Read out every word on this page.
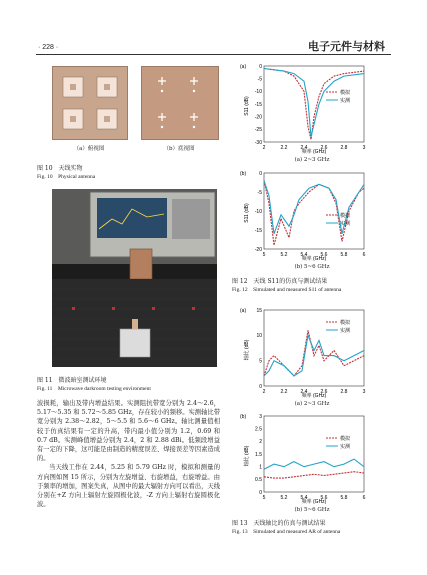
· 228 ·	电子元件与材料
（a）俯视图	（b）底视图
图 10　天线实物
Fig. 10　Physical antenna
图 11　微波暗室测试环境
Fig. 11　Microwave darkroom testing environment

波损耗，输出及带内增益结果。实测阻抗带宽分别为 2.4～2.6，5.17～5.35 和 5.72～5.85 GHz，存在较小的频移。实测轴比带宽分别为 2.38～2.82，5～5.5 和 5.6～6 GHz。轴比测量值相较于仿真结果有一定的升高，带内最小值分别为 1.2，0.69 和 0.7 dB。实测峰值增益分别为 2.4，2 和 2.88 dBi。低频段增益有一定的下降，这可能是由制造的精度误差、焊接误差等因素造成的。

当天线工作在 2.44，5.25 和 5.79 GHz 时，模拟和测量的方向图如图 15 所示，分别为左旋增益、右旋增益，右旋增益。由于频率的增加，图案失真，从图中的最大辐射方向可以看出，天线分别在+Z 方向上辐射左旋圆极化波，-Z 方向上辐射右旋圆极化波。

(a)	0
-5
-10
-15
-20
-25
-30
2	2.2	2.4	2.6	2.8	3
S11 (dB)
频率 (GHz)
模拟
实测
(a) 2~3 GHz
(b)	0
-5
-10
-15
-20
5	5.2	5.4	5.6	5.8	6
S11 (dB)
频率 (GHz)
模拟
实测
(b) 5~6 GHz
图 12　天线 S11的仿真与测试结果
Fig. 12　Simulated and measured S11 of antenna
(a) 15
10
5
0
2	2.2	2.4	2.6	2.8	3
轴比 (dB)
频率 (GHz)
模拟
实测
(a) 2~3 GHz
(b)	3
2.5
2
1.5
1
0.5
0
5	5.2	5.4	5.6	5.8	6
轴比 (dB)
频率 (GHz)
模拟
实测
(b) 5~6 GHz
图 13　天线轴比的仿真与测试结果
Fig. 13　Simulated and measured AR of antenna
